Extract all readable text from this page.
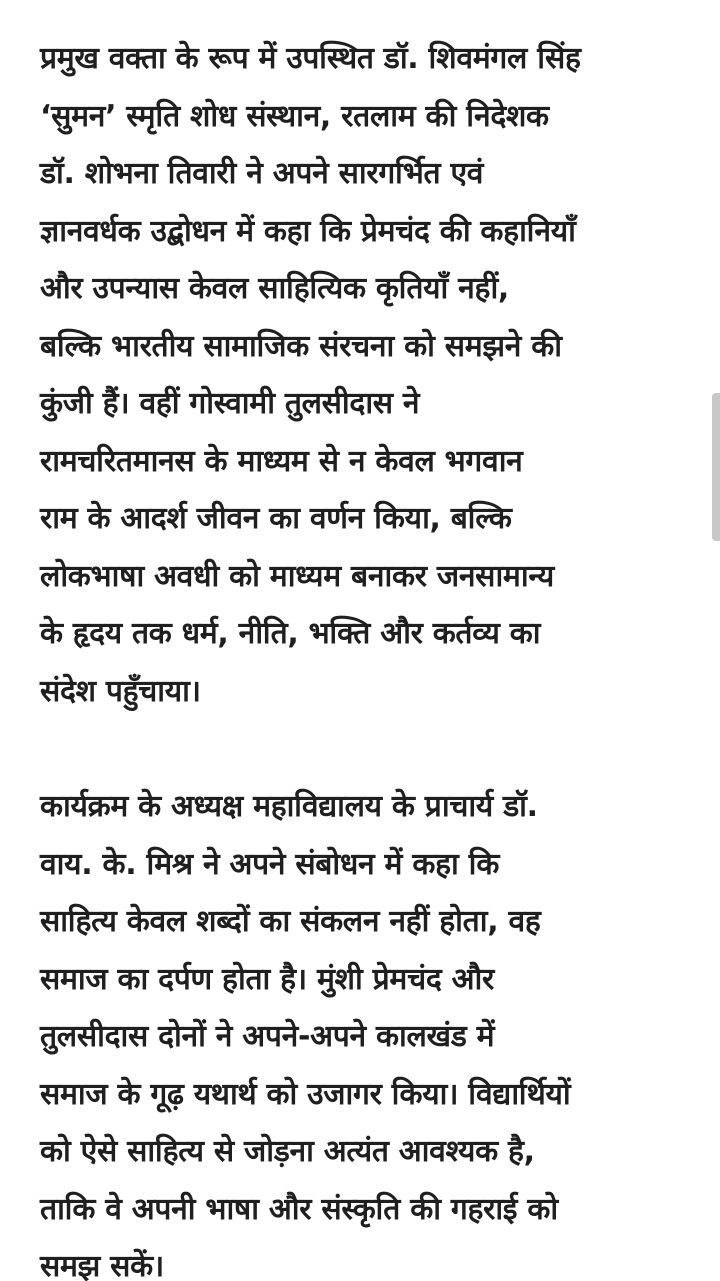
प्रमुख वक्ता के रूप में उपस्थित डॉ. शिवमंगल सिंह
‘सुमन’ स्मृति शोध संस्थान, रतलाम की निदेशक
डॉ. शोभना तिवारी ने अपने सारगर्भित एवं
ज्ञानवर्धक उद्बोधन में कहा कि प्रेमचंद की कहानियाँ
और उपन्यास केवल साहित्यिक कृतियाँ नहीं,
बल्कि भारतीय सामाजिक संरचना को समझने की
कुंजी हैं। वहीं गोस्वामी तुलसीदास ने
रामचरितमानस के माध्यम से न केवल भगवान
राम के आदर्श जीवन का वर्णन किया, बल्कि
लोकभाषा अवधी को माध्यम बनाकर जनसामान्य
के हृदय तक धर्म, नीति, भक्ति और कर्तव्य का
संदेश पहुँचाया।

कार्यक्रम के अध्यक्ष महाविद्यालय के प्राचार्य डॉ.
वाय. के. मिश्र ने अपने संबोधन में कहा कि
साहित्य केवल शब्दों का संकलन नहीं होता, वह
समाज का दर्पण होता है। मुंशी प्रेमचंद और
तुलसीदास दोनों ने अपने-अपने कालखंड में
समाज के गूढ़ यथार्थ को उजागर किया। विद्यार्थियों
को ऐसे साहित्य से जोड़ना अत्यंत आवश्यक है,
ताकि वे अपनी भाषा और संस्कृति की गहराई को
समझ सकें।
